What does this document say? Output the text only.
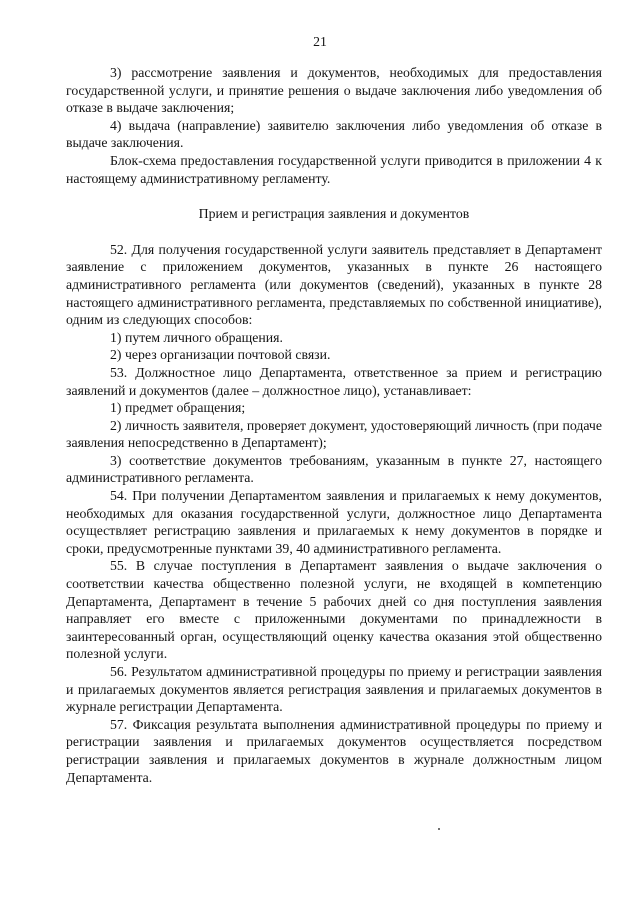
21

3) рассмотрение заявления и документов, необходимых для предоставления государственной услуги, и принятие решения о выдаче заключения либо уведомления об отказе в выдаче заключения;

4) выдача (направление) заявителю заключения либо уведомления об отказе в выдаче заключения.

Блок-схема предоставления государственной услуги приводится в приложении 4 к настоящему административному регламенту.

Прием и регистрация заявления и документов

52. Для получения государственной услуги заявитель представляет в Департамент заявление с приложением документов, указанных в пункте 26 настоящего административного регламента (или документов (сведений), указанных в пункте 28 настоящего административного регламента, представляемых по собственной инициативе), одним из следующих способов:

1) путем личного обращения.

2) через организации почтовой связи.

53. Должностное лицо Департамента, ответственное за прием и регистрацию заявлений и документов (далее – должностное лицо), устанавливает:

1) предмет обращения;

2) личность заявителя, проверяет документ, удостоверяющий личность (при подаче заявления непосредственно в Департамент);

3) соответствие документов требованиям, указанным в пункте 27, настоящего административного регламента.

54. При получении Департаментом заявления и прилагаемых к нему документов, необходимых для оказания государственной услуги, должностное лицо Департамента осуществляет регистрацию заявления и прилагаемых к нему документов в порядке и сроки, предусмотренные пунктами 39, 40 административного регламента.

55. В случае поступления в Департамент заявления о выдаче заключения о соответствии качества общественно полезной услуги, не входящей в компетенцию Департамента, Департамент в течение 5 рабочих дней со дня поступления заявления направляет его вместе с приложенными документами по принадлежности в заинтересованный орган, осуществляющий оценку качества оказания этой общественно полезной услуги.

56. Результатом административной процедуры по приему и регистрации заявления и прилагаемых документов является регистрация заявления и прилагаемых документов в журнале регистрации Департамента.

57. Фиксация результата выполнения административной процедуры по приему и регистрации заявления и прилагаемых документов осуществляется посредством регистрации заявления и прилагаемых документов в журнале должностным лицом Департамента.
